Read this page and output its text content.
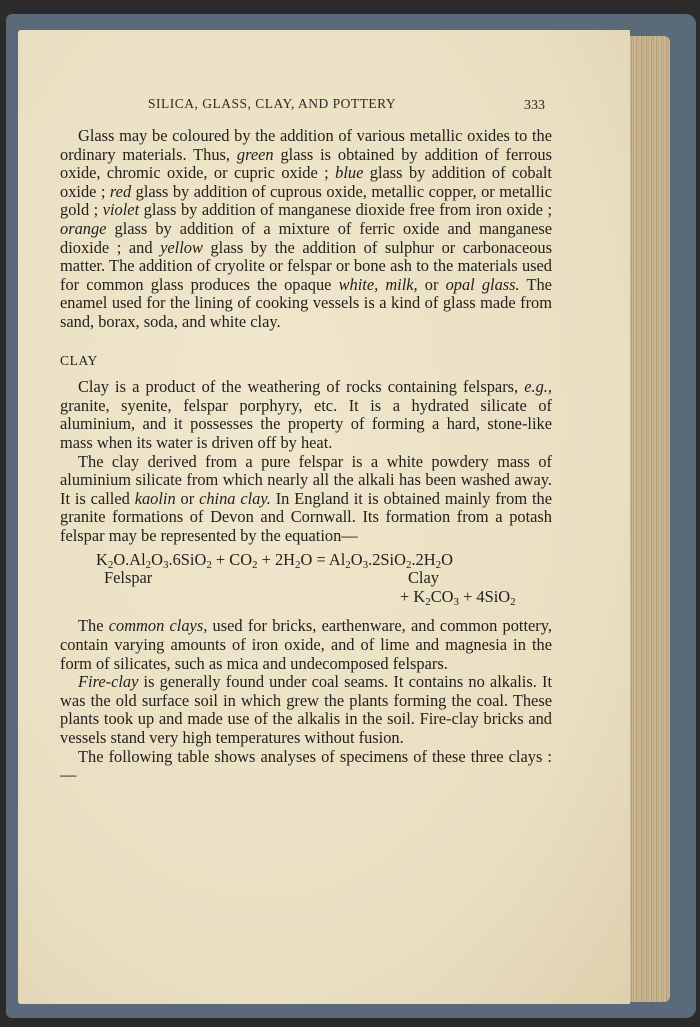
SILICA, GLASS, CLAY, AND POTTERY	333

Glass may be coloured by the addition of various metallic oxides to the ordinary materials. Thus, green glass is obtained by addition of ferrous oxide, chromic oxide, or cupric oxide ; blue glass by addition of cobalt oxide ; red glass by addition of cuprous oxide, metallic copper, or metallic gold ; violet glass by addition of manganese dioxide free from iron oxide ; orange glass by addition of a mixture of ferric oxide and manganese dioxide ; and yellow glass by the addition of sulphur or carbonaceous matter. The addition of cryolite or felspar or bone ash to the materials used for common glass produces the opaque white, milk, or opal glass. The enamel used for the lining of cooking vessels is a kind of glass made from sand, borax, soda, and white clay.

CLAY

Clay is a product of the weathering of rocks containing felspars, e.g., granite, syenite, felspar porphyry, etc. It is a hydrated silicate of aluminium, and it possesses the property of forming a hard, stone-like mass when its water is driven off by heat.

The clay derived from a pure felspar is a white powdery mass of aluminium silicate from which nearly all the alkali has been washed away. It is called kaolin or china clay. In England it is obtained mainly from the granite formations of Devon and Cornwall. Its formation from a potash felspar may be represented by the equation—

$K_2O.Al_2O_3.6SiO_2 + CO_2 + 2H_2O = Al_2O_3.2SiO_2.2H_2O$
Felspar	Clay
+ $K_2CO_3 + 4SiO_2$

The common clays, used for bricks, earthenware, and common pottery, contain varying amounts of iron oxide, and of lime and magnesia in the form of silicates, such as mica and undecomposed felspars.

Fire-clay is generally found under coal seams. It contains no alkalis. It was the old surface soil in which grew the plants forming the coal. These plants took up and made use of the alkalis in the soil. Fire-clay bricks and vessels stand very high temperatures without fusion.

The following table shows analyses of specimens of these three clays :—
